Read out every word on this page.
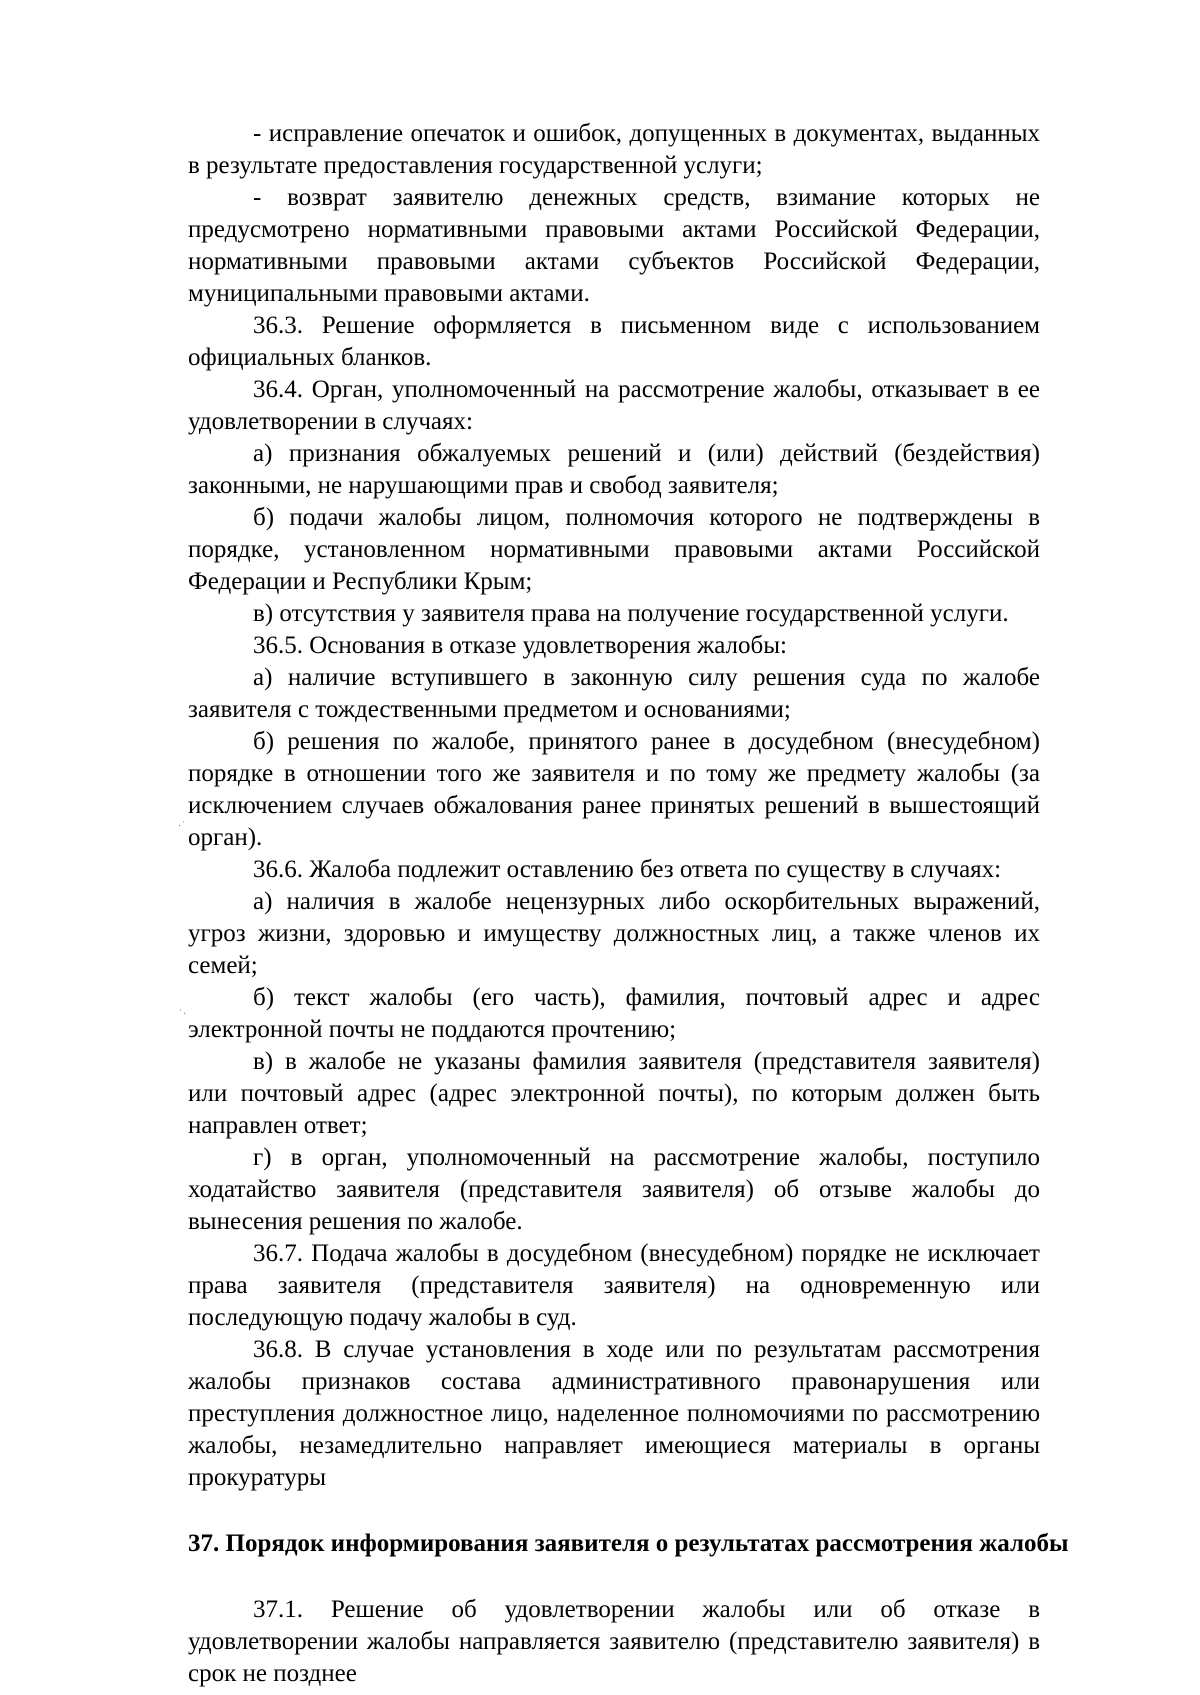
- исправление опечаток и ошибок, допущенных в документах, выданных в результате предоставления государственной услуги;

- возврат заявителю денежных средств, взимание которых не предусмотрено нормативными правовыми актами Российской Федерации, нормативными правовыми актами субъектов Российской Федерации, муниципальными правовыми актами.

36.3. Решение оформляется в письменном виде с использованием официальных бланков.

36.4. Орган, уполномоченный на рассмотрение жалобы, отказывает в ее удовлетворении в случаях:

а) признания обжалуемых решений и (или) действий (бездействия) законными, не нарушающими прав и свобод заявителя;

б) подачи жалобы лицом, полномочия которого не подтверждены в порядке, установленном нормативными правовыми актами Российской Федерации и Республики Крым;

в) отсутствия у заявителя права на получение государственной услуги.

36.5. Основания в отказе удовлетворения жалобы:

а) наличие вступившего в законную силу решения суда по жалобе заявителя с тождественными предметом и основаниями;

б) решения по жалобе, принятого ранее в досудебном (внесудебном) порядке в отношении того же заявителя и по тому же предмету жалобы (за исключением случаев обжалования ранее принятых решений в вышестоящий орган).

36.6. Жалоба подлежит оставлению без ответа по существу в случаях:

а) наличия в жалобе нецензурных либо оскорбительных выражений, угроз жизни, здоровью и имуществу должностных лиц, а также членов их семей;

б) текст жалобы (его часть), фамилия, почтовый адрес и адрес электронной почты не поддаются прочтению;

в) в жалобе не указаны фамилия заявителя (представителя заявителя) или почтовый адрес (адрес электронной почты), по которым должен быть направлен ответ;

г) в орган, уполномоченный на рассмотрение жалобы, поступило ходатайство заявителя (представителя заявителя) об отзыве жалобы до вынесения решения по жалобе.

36.7. Подача жалобы в досудебном (внесудебном) порядке не исключает права заявителя (представителя заявителя) на одновременную или последующую подачу жалобы в суд.

36.8. В случае установления в ходе или по результатам рассмотрения жалобы признаков состава административного правонарушения или преступления должностное лицо, наделенное полномочиями по рассмотрению жалобы, незамедлительно направляет имеющиеся материалы в органы прокуратуры

37. Порядок информирования заявителя о результатах рассмотрения жалобы

37.1. Решение об удовлетворении жалобы или об отказе в удовлетворении жалобы направляется заявителю (представителю заявителя) в срок не позднее

·˙
˙·
